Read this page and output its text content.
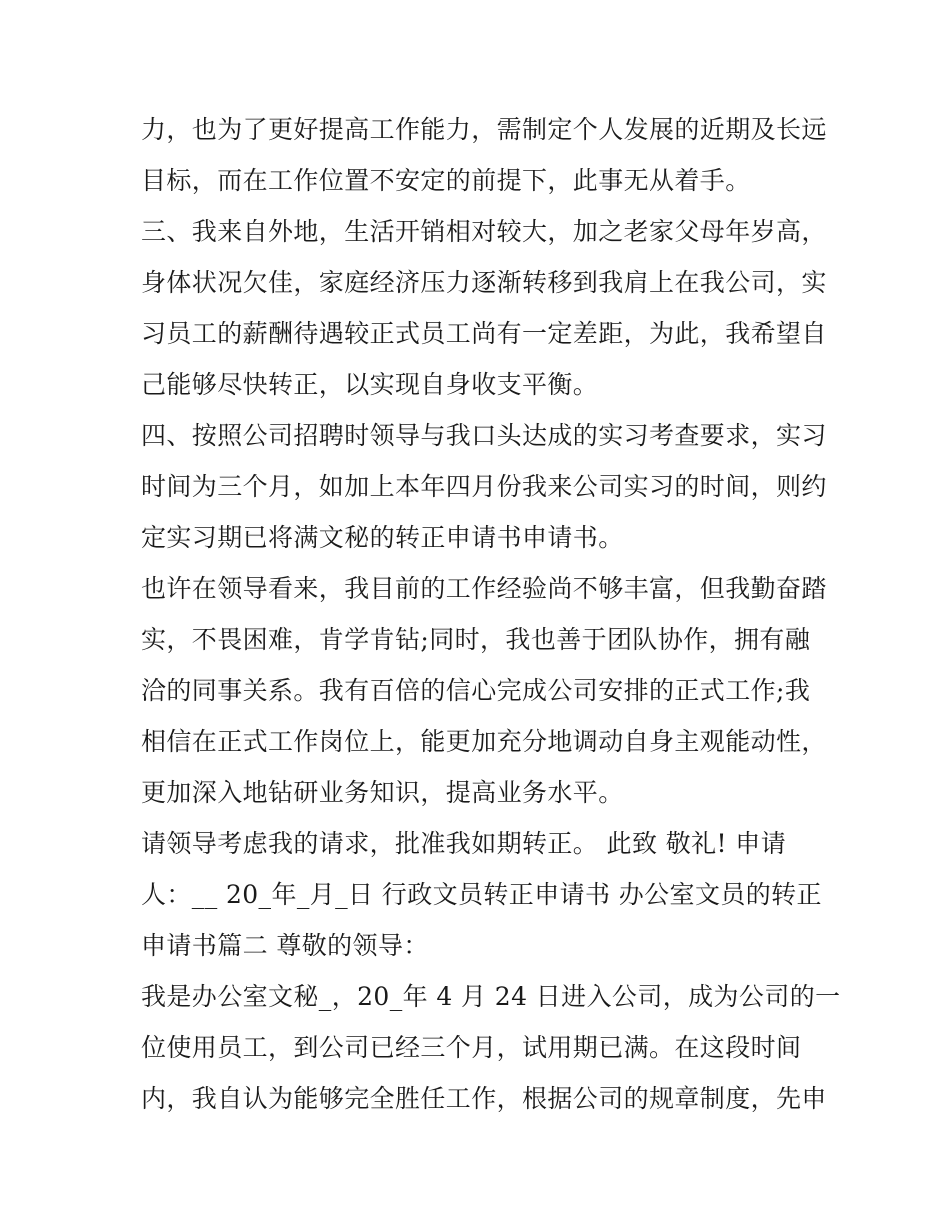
力，也为了更好提高工作能力，需制定个人发展的近期及长远
目标，而在工作位置不安定的前提下，此事无从着手。
三、我来自外地，生活开销相对较大，加之老家父母年岁高，
身体状况欠佳，家庭经济压力逐渐转移到我肩上在我公司，实
习员工的薪酬待遇较正式员工尚有一定差距，为此，我希望自
己能够尽快转正，以实现自身收支平衡。
四、按照公司招聘时领导与我口头达成的实习考查要求，实习
时间为三个月，如加上本年四月份我来公司实习的时间，则约
定实习期已将满文秘的转正申请书申请书。
也许在领导看来，我目前的工作经验尚不够丰富，但我勤奋踏
实，不畏困难，肯学肯钻;同时，我也善于团队协作，拥有融
洽的同事关系。我有百倍的信心完成公司安排的正式工作;我
相信在正式工作岗位上，能更加充分地调动自身主观能动性，
更加深入地钻研业务知识，提高业务水平。
请领导考虑我的请求，批准我如期转正。 此致 敬礼! 申请
人：__ 20_年_月_日 行政文员转正申请书 办公室文员的转正
申请书篇二 尊敬的领导：
我是办公室文秘_，20_年 4 月 24 日进入公司，成为公司的一
位使用员工，到公司已经三个月，试用期已满。在这段时间
内，我自认为能够完全胜任工作，根据公司的规章制度，先申
